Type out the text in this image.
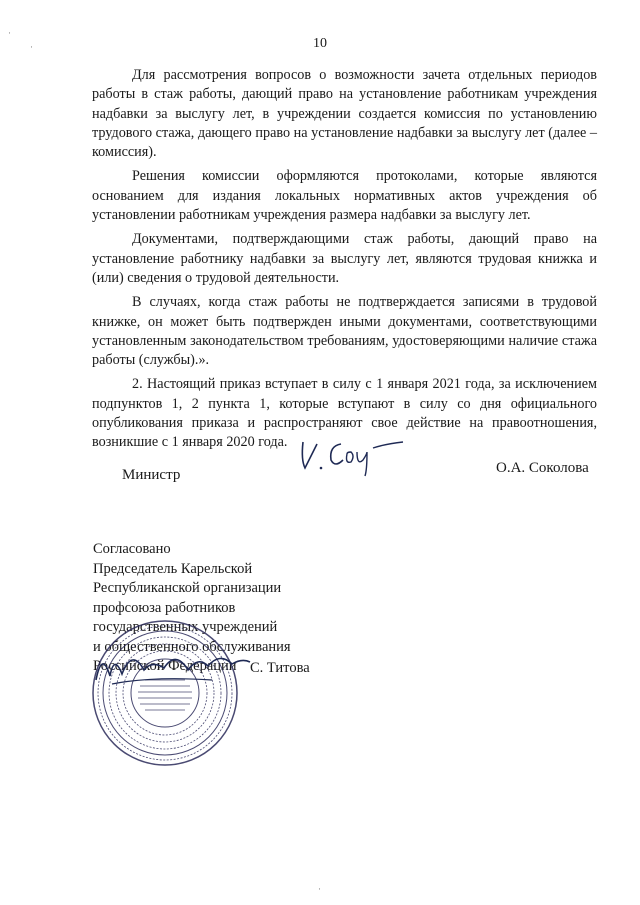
10
·
·

Для рассмотрения вопросов о возможности зачета отдельных периодов работы в стаж работы, дающий право на установление работникам учреждения надбавки за выслугу лет, в учреждении создается комиссия по установлению трудового стажа, дающего право на установление надбавки за выслугу лет (далее – комиссия).

Решения комиссии оформляются протоколами, которые являются основанием для издания локальных нормативных актов учреждения об установлении работникам учреждения размера надбавки за выслугу лет.

Документами, подтверждающими стаж работы, дающий право на установление работнику надбавки за выслугу лет, являются трудовая книжка и (или) сведения о трудовой деятельности.

В случаях, когда стаж работы не подтверждается записями в трудовой книжке, он может быть подтвержден иными документами, соответствующими установленным законодательством требованиям, удостоверяющими наличие стажа работы (службы).».

2. Настоящий приказ вступает в силу с 1 января 2021 года, за исключением подпунктов 1, 2 пункта 1, которые вступают в силу со дня официального опубликования приказа и распространяют свое действие на правоотношения, возникшие с 1 января 2020 года.

Министр	О.А. Соколова
Согласовано
Председатель Карельской
Республиканской организации
профсоюза работников
государственных учреждений
и общественного обслуживания
Российской Федерации С. Титова
·
